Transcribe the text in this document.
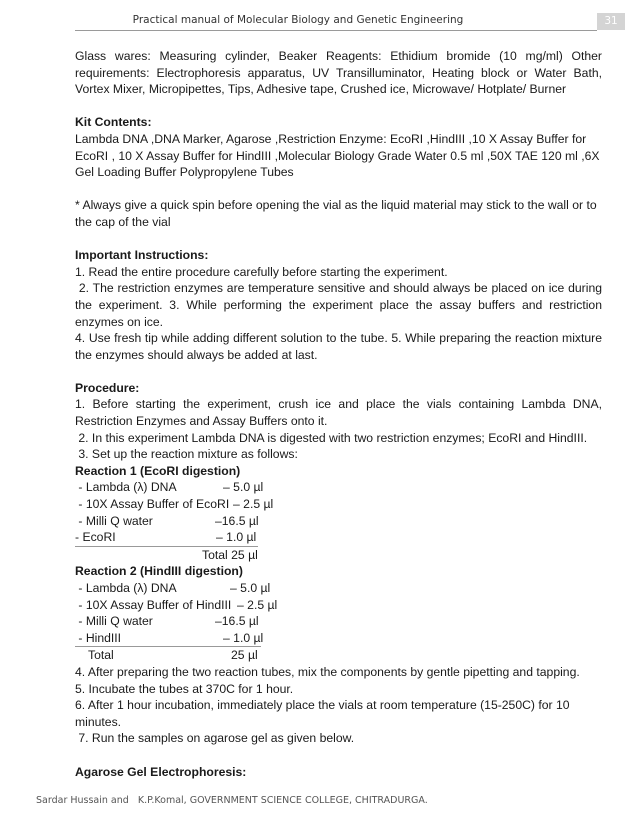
Practical manual of Molecular Biology and Genetic Engineering	31

Glass wares: Measuring cylinder, Beaker Reagents: Ethidium bromide (10 mg/ml) Other requirements: Electrophoresis apparatus, UV Transilluminator, Heating block or Water Bath, Vortex Mixer, Micropipettes, Tips, Adhesive tape, Crushed ice, Microwave/ Hotplate/ Burner

Kit Contents:

Lambda DNA ,DNA Marker, Agarose ,Restriction Enzyme: EcoRI ,HindIII ,10 X Assay Buffer for EcoRI , 10 X Assay Buffer for HindIII ,Molecular Biology Grade Water 0.5 ml ,50X TAE 120 ml ,6X Gel Loading Buffer Polypropylene Tubes

* Always give a quick spin before opening the vial as the liquid material may stick to the wall or to the cap of the vial

Important Instructions:

1. Read the entire procedure carefully before starting the experiment.

2. The restriction enzymes are temperature sensitive and should always be placed on ice during the experiment. 3. While performing the experiment place the assay buffers and restriction enzymes on ice.

4. Use fresh tip while adding different solution to the tube. 5. While preparing the reaction mixture the enzymes should always be added at last.

Procedure:

1. Before starting the experiment, crush ice and place the vials containing Lambda DNA, Restriction Enzymes and Assay Buffers onto it.

2. In this experiment Lambda DNA is digested with two restriction enzymes; EcoRI and HindIII.

3. Set up the reaction mixture as follows:

Reaction 1 (EcoRI digestion)

- Lambda (λ) DNA	– 5.0 µl
- 10X Assay Buffer of EcoRI – 2.5 µl
- Milli Q water	–16.5 µl
- EcoRI	– 1.0 µl

Total 25 µl

Reaction 2 (HindIII digestion)

- Lambda (λ) DNA	– 5.0 µl
- 10X Assay Buffer of HindIII – 2.5 µl
- Milli Q water	–16.5 µl
- HindIII	– 1.0 µl
Total	25 µl

4. After preparing the two reaction tubes, mix the components by gentle pipetting and tapping.

5. Incubate the tubes at 370C for 1 hour.

6. After 1 hour incubation, immediately place the vials at room temperature (15-250C) for 10 minutes.

7. Run the samples on agarose gel as given below.

Agarose Gel Electrophoresis:

Sardar Hussain and   K.P.Komal, GOVERNMENT SCIENCE COLLEGE, CHITRADURGA.
